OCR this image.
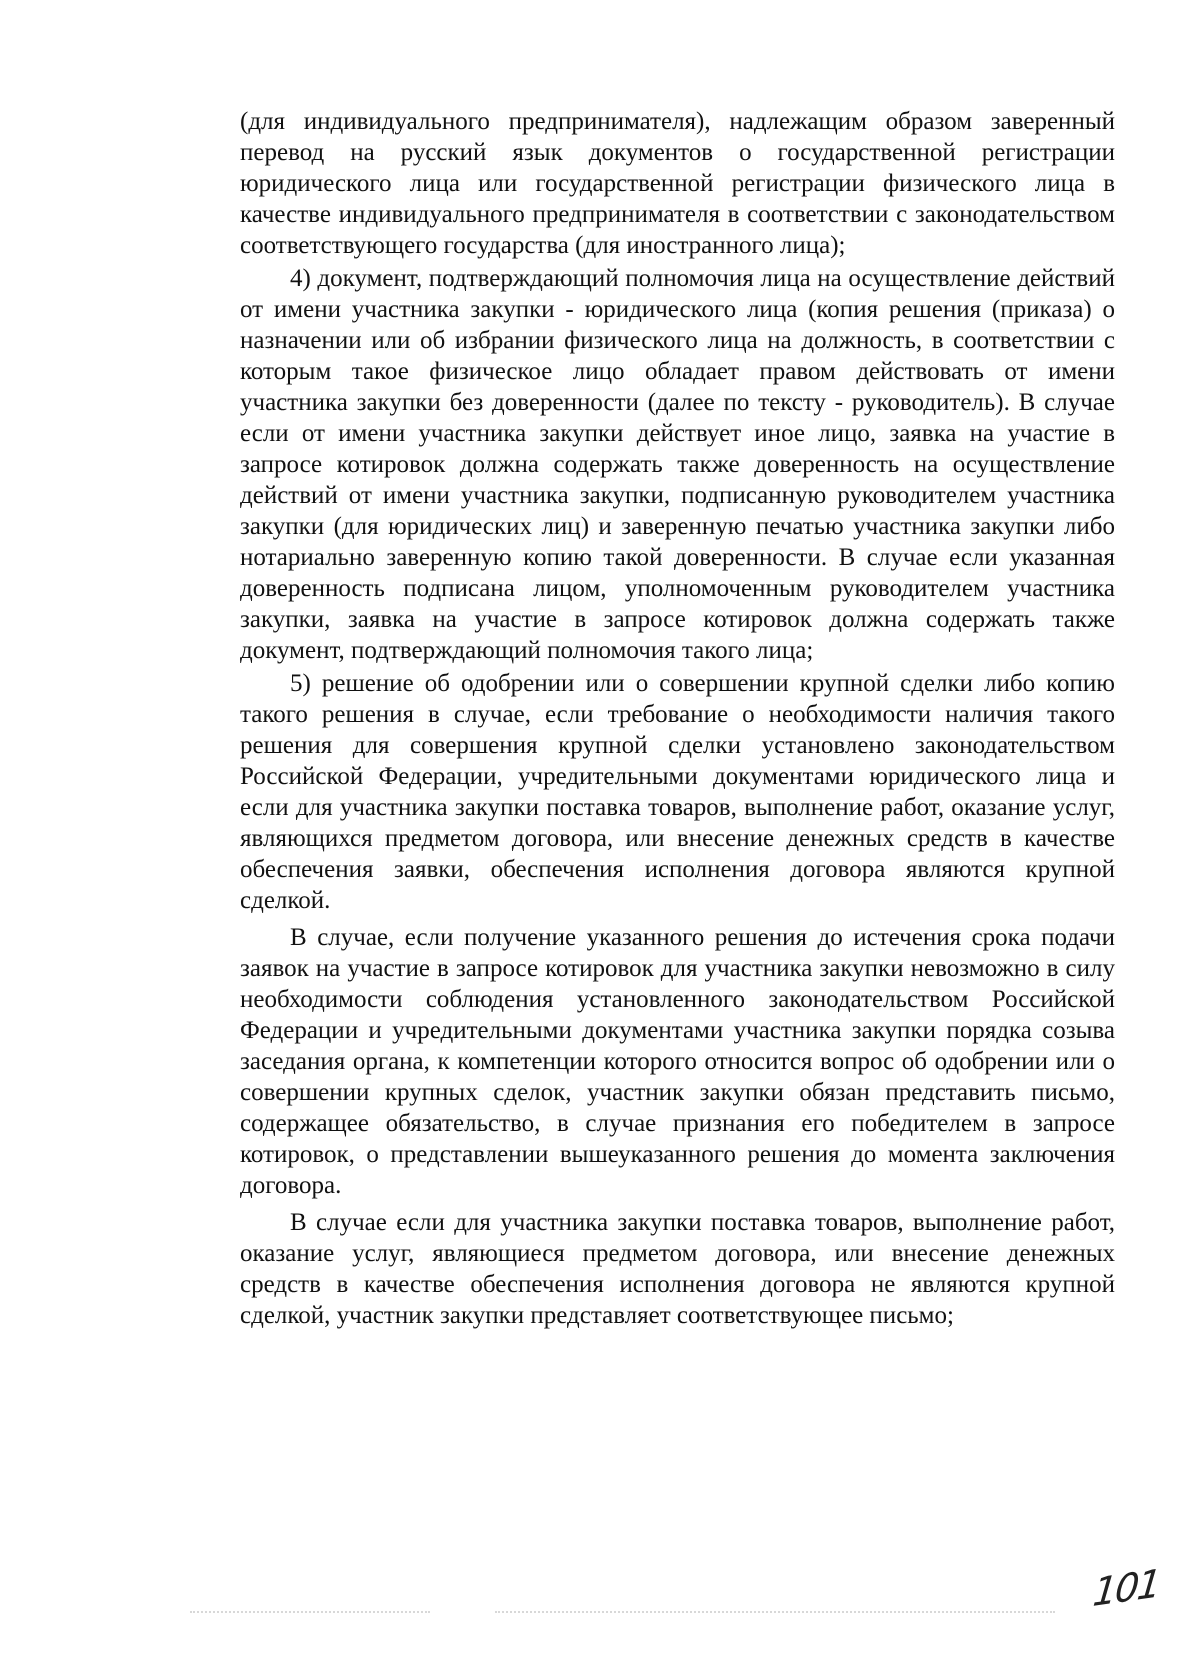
(для индивидуального предпринимателя), надлежащим образом заверенный перевод на русский язык документов о государственной регистрации юридического лица или государственной регистрации физического лица в качестве индивидуального предпринимателя в соответствии с законодательством соответствующего государства (для иностранного лица);

4) документ, подтверждающий полномочия лица на осуществление действий от имени участника закупки - юридического лица (копия решения (приказа) о назначении или об избрании физического лица на должность, в соответствии с которым такое физическое лицо обладает правом действовать от имени участника закупки без доверенности (далее по тексту - руководитель). В случае если от имени участника закупки действует иное лицо, заявка на участие в запросе котировок должна содержать также доверенность на осуществление действий от имени участника закупки, подписанную руководителем участника закупки (для юридических лиц) и заверенную печатью участника закупки либо нотариально заверенную копию такой доверенности. В случае если указанная доверенность подписана лицом, уполномоченным руководителем участника закупки, заявка на участие в запросе котировок должна содержать также документ, подтверждающий полномочия такого лица;

5) решение об одобрении или о совершении крупной сделки либо копию такого решения в случае, если требование о необходимости наличия такого решения для совершения крупной сделки установлено законодательством Российской Федерации, учредительными документами юридического лица и если для участника закупки поставка товаров, выполнение работ, оказание услуг, являющихся предметом договора, или внесение денежных средств в качестве обеспечения заявки, обеспечения исполнения договора являются крупной сделкой.

В случае, если получение указанного решения до истечения срока подачи заявок на участие в запросе котировок для участника закупки невозможно в силу необходимости соблюдения установленного законодательством Российской Федерации и учредительными документами участника закупки порядка созыва заседания органа, к компетенции которого относится вопрос об одобрении или о совершении крупных сделок, участник закупки обязан представить письмо, содержащее обязательство, в случае признания его победителем в запросе котировок, о представлении вышеуказанного решения до момента заключения договора.

В случае если для участника закупки поставка товаров, выполнение работ, оказание услуг, являющиеся предметом договора, или внесение денежных средств в качестве обеспечения исполнения договора не являются крупной сделкой, участник закупки представляет соответствующее письмо;

101
